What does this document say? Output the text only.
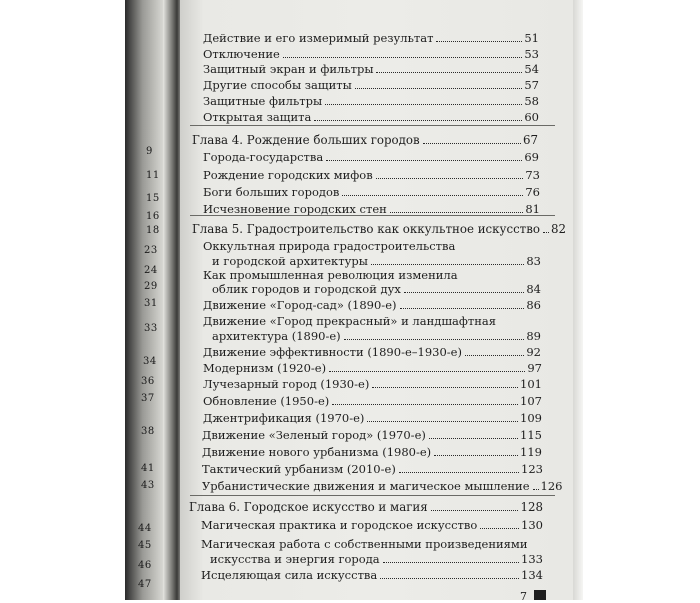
9
11
15
16
18
23
24
29
31
33
34
36
37
38
41
43
44
45
46
47
Действие и его измеримый результат	51
Отключение	53
Защитный экран и фильтры	54
Другие способы защиты	57
Защитные фильтры	58
Открытая защита	60
Глава 4. Рождение больших городов	67
Города-государства	69
Рождение городских мифов	73
Боги больших городов	76
Исчезновение городских стен	81
Глава 5. Градостроительство как оккультное искусство 82
Оккультная природа градостроительства
и городской архитектуры	83
Как промышленная революция изменила
облик городов и городской дух	84
Движение «Город-сад» (1890-е)	86
Движение «Город прекрасный» и ландшафтная
архитектура (1890-е)	89
Движение эффективности (1890-е–1930-е)	92
Модернизм (1920-е)	97
Лучезарный город (1930-е)	101
Обновление (1950-е)	107
Джентрификация (1970-е)	109
Движение «Зеленый город» (1970-е)	115
Движение нового урбанизма (1980-е)	119
Тактический урбанизм (2010-е)	123
Урбанистические движения и магическое мышление 126
Глава 6. Городское искусство и магия	128
Магическая практика и городское искусство	130
Магическая работа с собственными произведениями
искусства и энергия города	133
Исцеляющая сила искусства	134
7
